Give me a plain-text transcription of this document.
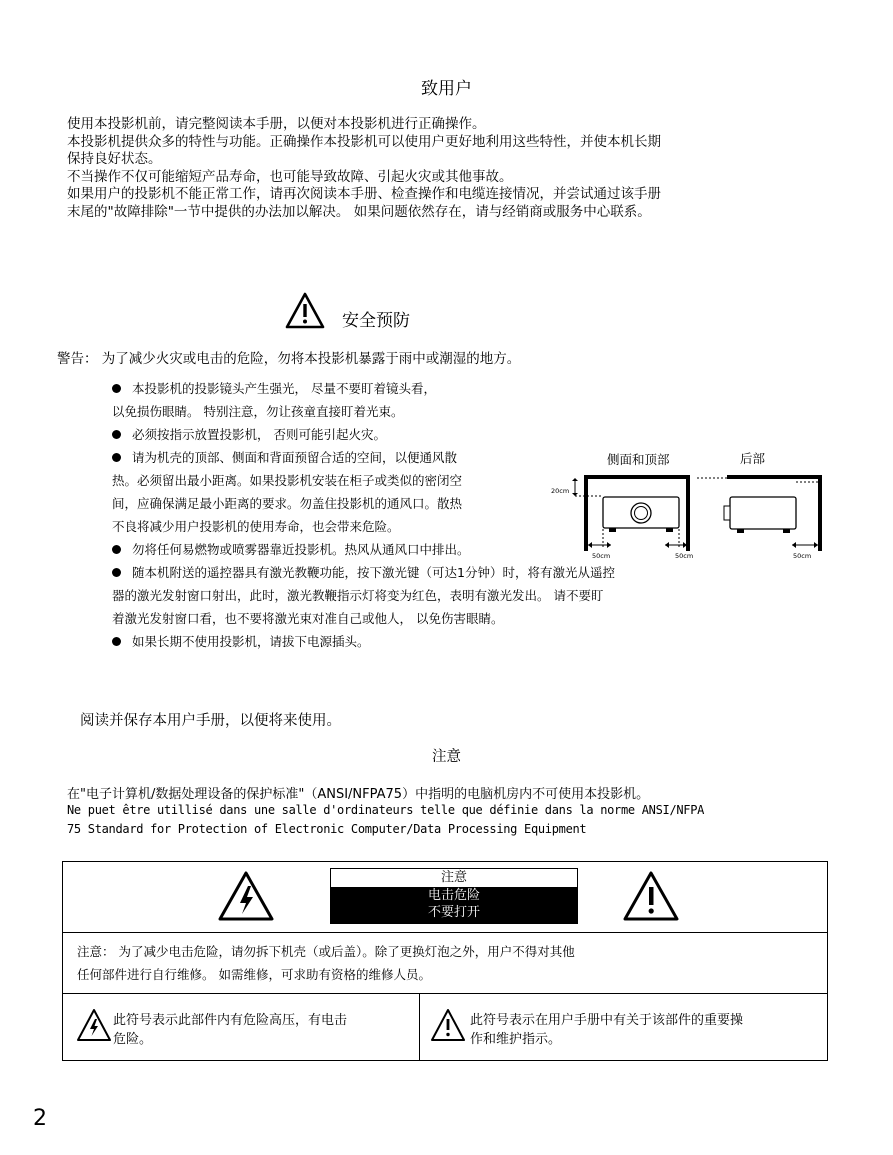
致用户
使用本投影机前，请完整阅读本手册，以便对本投影机进行正确操作。
本投影机提供众多的特性与功能。正确操作本投影机可以使用户更好地利用这些特性，并使本机长期
保持良好状态。
不当操作不仅可能缩短产品寿命，也可能导致故障、引起火灾或其他事故。
如果用户的投影机不能正常工作，请再次阅读本手册、检查操作和电缆连接情况，并尝试通过该手册
末尾的"故障排除"一节中提供的办法加以解决。 如果问题依然存在，请与经销商或服务中心联系。
安全预防
警告： 为了减少火灾或电击的危险，勿将本投影机暴露于雨中或潮湿的地方。
本投影机的投影镜头产生强光， 尽量不要盯着镜头看，
以免损伤眼睛。 特别注意，勿让孩童直接盯着光束。
必须按指示放置投影机， 否则可能引起火灾。
请为机壳的顶部、侧面和背面预留合适的空间，以便通风散
热。必须留出最小距离。如果投影机安装在柜子或类似的密闭空
间，应确保满足最小距离的要求。勿盖住投影机的通风口。散热
不良将减少用户投影机的使用寿命，也会带来危险。
勿将任何易燃物或喷雾器靠近投影机。热风从通风口中排出。
随本机附送的遥控器具有激光教鞭功能，按下激光键（可达1分钟）时，将有激光从遥控
器的激光发射窗口射出，此时，激光教鞭指示灯将变为红色，表明有激光发出。 请不要盯
着激光发射窗口看，也不要将激光束对准自己或他人， 以免伤害眼睛。
如果长期不使用投影机，请拔下电源插头。
侧面和顶部	后部
20cm
50cm	50cm	50cm
阅读并保存本用户手册，以便将来使用。
注意
在"电子计算机/数据处理设备的保护标准"（ANSI/NFPA75）中指明的电脑机房内不可使用本投影机。
Ne puet être utillisé dans une salle d'ordinateurs telle que définie dans la norme ANSI/NFPA
75 Standard for Protection of Electronic Computer/Data Processing Equipment
注意
电击危险
不要打开
注意： 为了减少电击危险，请勿拆下机壳（或后盖）。除了更换灯泡之外，用户不得对其他
任何部件进行自行维修。 如需维修，可求助有资格的维修人员。
此符号表示此部件内有危险高压，有电击
危险。
此符号表示在用户手册中有关于该部件的重要操
作和维护指示。
2
